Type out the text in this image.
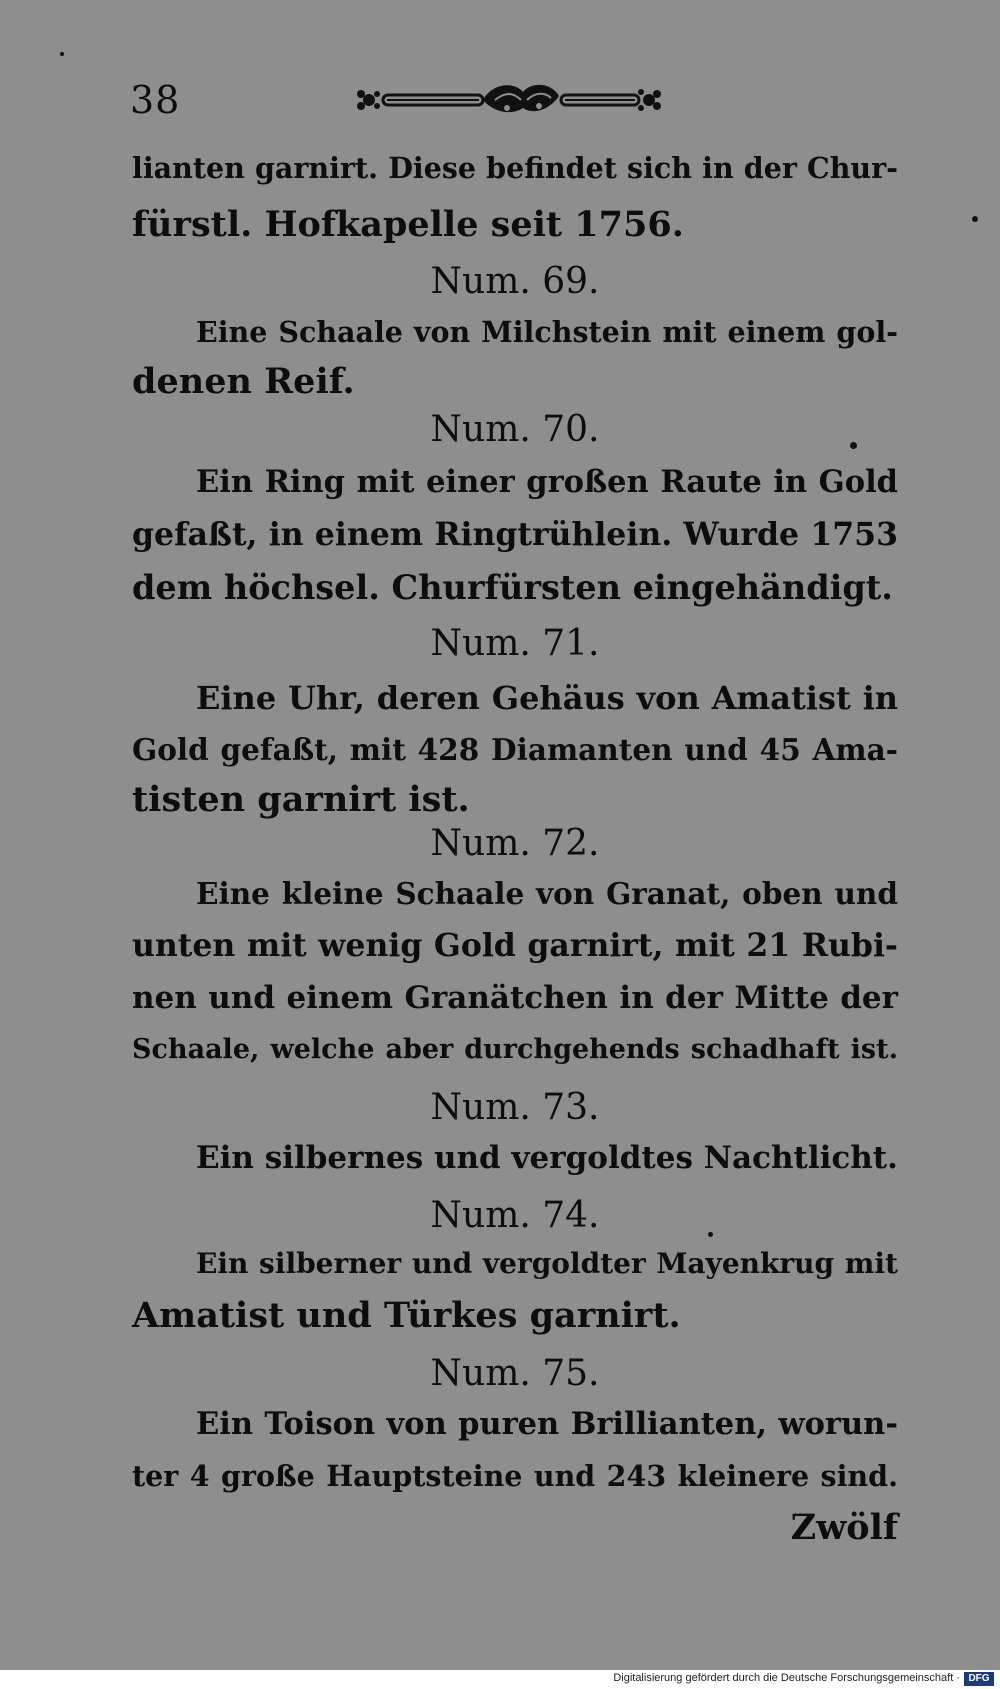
38
lianten garnirt. Diese befindet sich in der Chur‑
fürstl. Hofkapelle seit 1756.
Num. 69.
Eine Schaale von Milchstein mit einem gol‑
denen Reif.
Num. 70.
Ein Ring mit einer großen Raute in Gold
gefaßt, in einem Ringtrühlein. Wurde 1753
dem höchsel. Churfürsten eingehändigt.
Num. 71.
Eine Uhr, deren Gehäus von Amatist in
Gold gefaßt, mit 428 Diamanten und 45 Ama‑
tisten garnirt ist.
Num. 72.
Eine kleine Schaale von Granat, oben und
unten mit wenig Gold garnirt, mit 21 Rubi‑
nen und einem Granätchen in der Mitte der
Schaale, welche aber durchgehends schadhaft ist.
Num. 73.
Ein silbernes und vergoldtes Nachtlicht.
Num. 74.
Ein silberner und vergoldter Mayenkrug mit
Amatist und Türkes garnirt.
Num. 75.
Ein Toison von puren Brillianten, worun‑
ter 4 große Hauptsteine und 243 kleinere sind.
Zwölf
Digitalisierung gefördert durch die Deutsche Forschungsgemeinschaft · DFG
